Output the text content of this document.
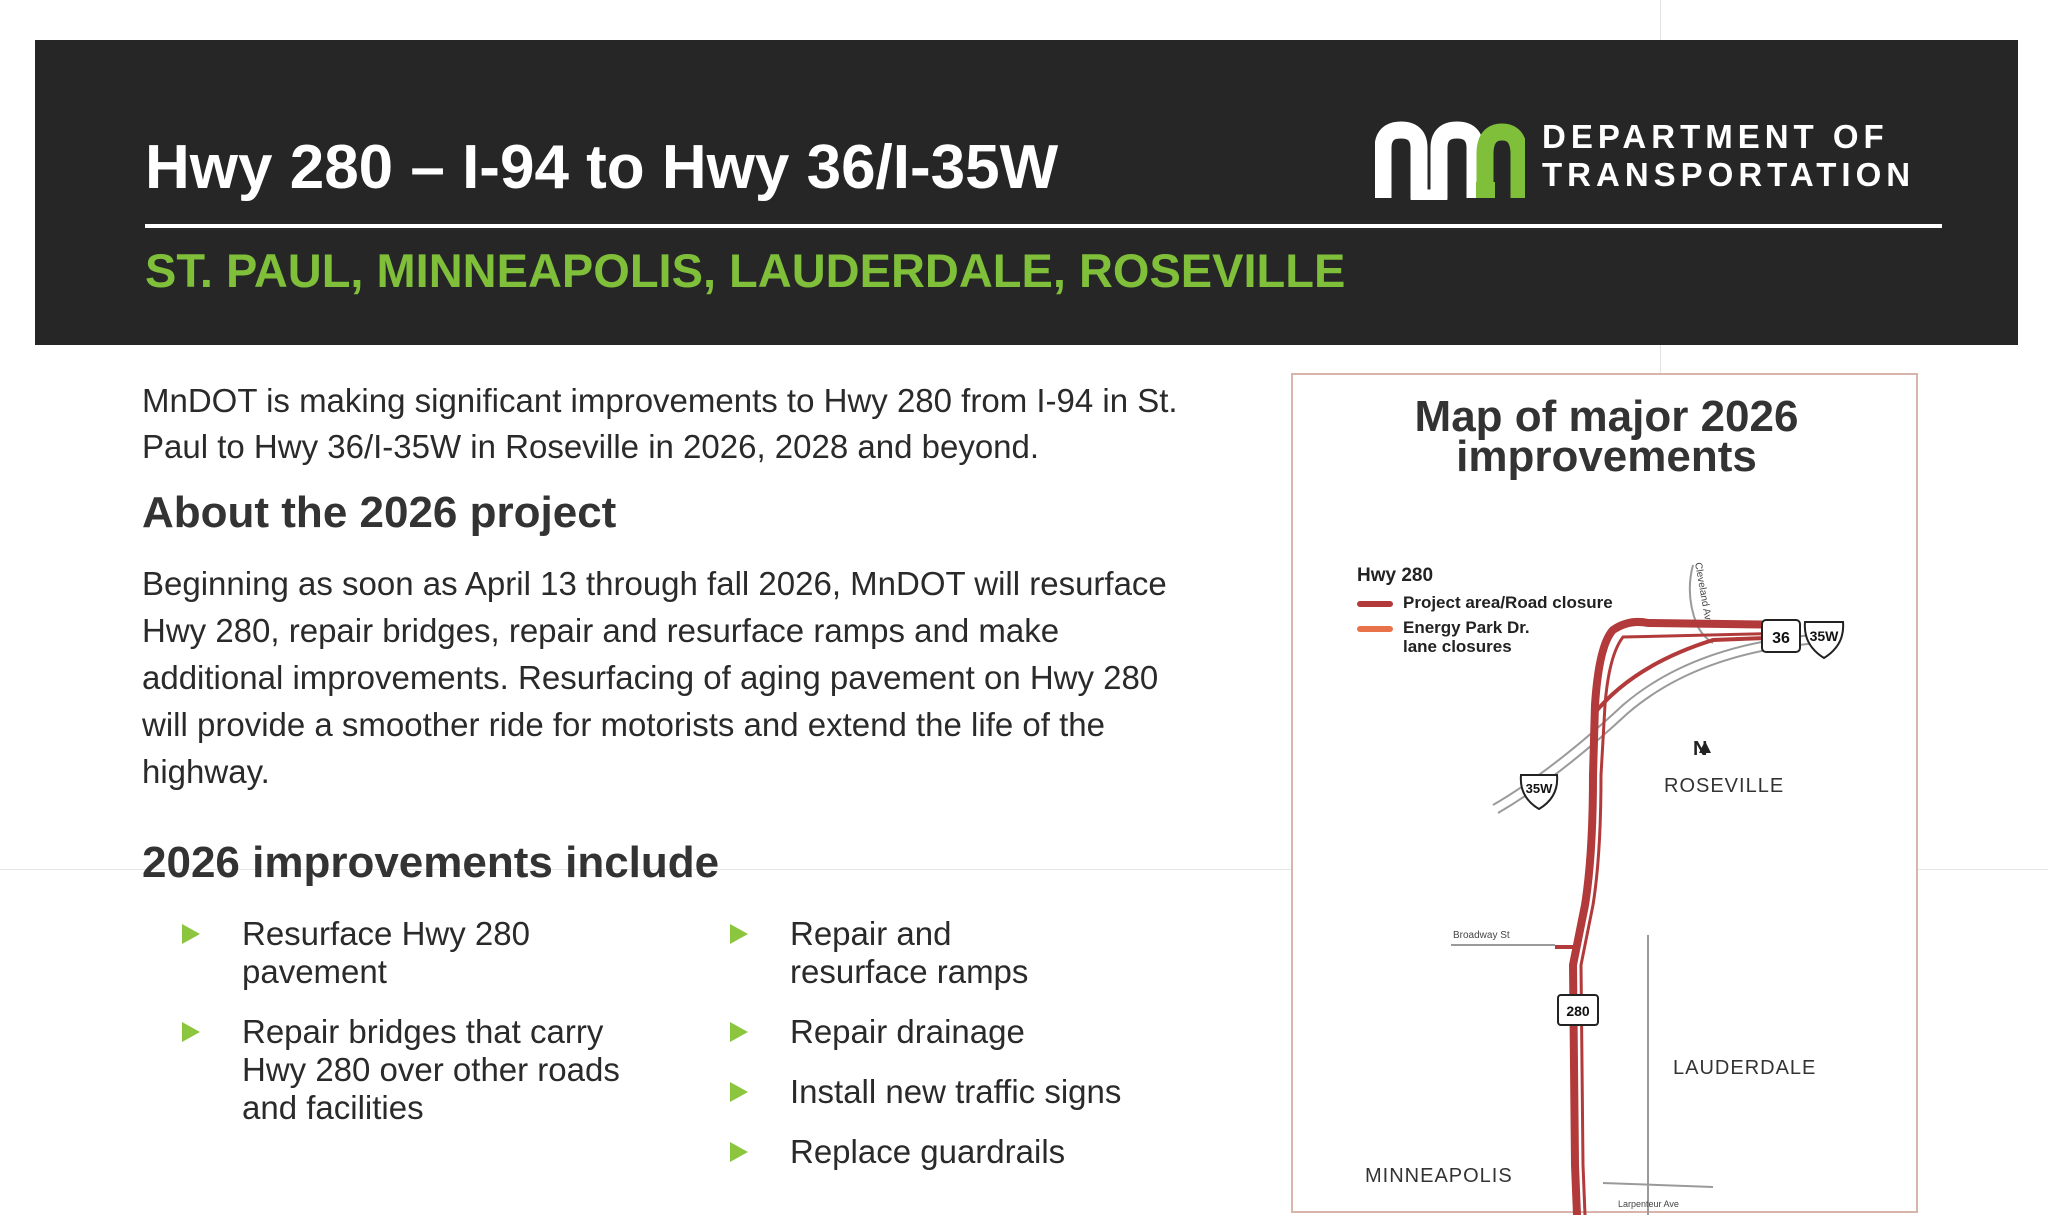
Hwy 280 – I-94 to Hwy 36/I-35W
ST. PAUL, MINNEAPOLIS, LAUDERDALE, ROSEVILLE
DEPARTMENT OF
TRANSPORTATION
MnDOT is making significant improvements to Hwy 280 from I-94 in St. Paul to Hwy 36/I-35W in Roseville in 2026, 2028 and beyond.
About the 2026 project
Beginning as soon as April 13 through fall 2026, MnDOT will resurface Hwy 280, repair bridges, repair and resurface ramps and make additional improvements. Resurfacing of aging pavement on Hwy 280 will provide a smoother ride for motorists and extend the life of the highway.
2026 improvements include
Resurface Hwy 280 pavement
Repair bridges that carry Hwy 280 over other roads and facilities
Repair and resurface ramps
Repair drainage
Install new traffic signs
Replace guardrails
Map of major 2026
improvements
36 35W
35W
280
Broadway St
Cleveland Av
Larpenteur Ave
Hwy 280
Project area/Road closure
Energy Park Dr.
lane closures
N
ROSEVILLE
LAUDERDALE
MINNEAPOLIS
